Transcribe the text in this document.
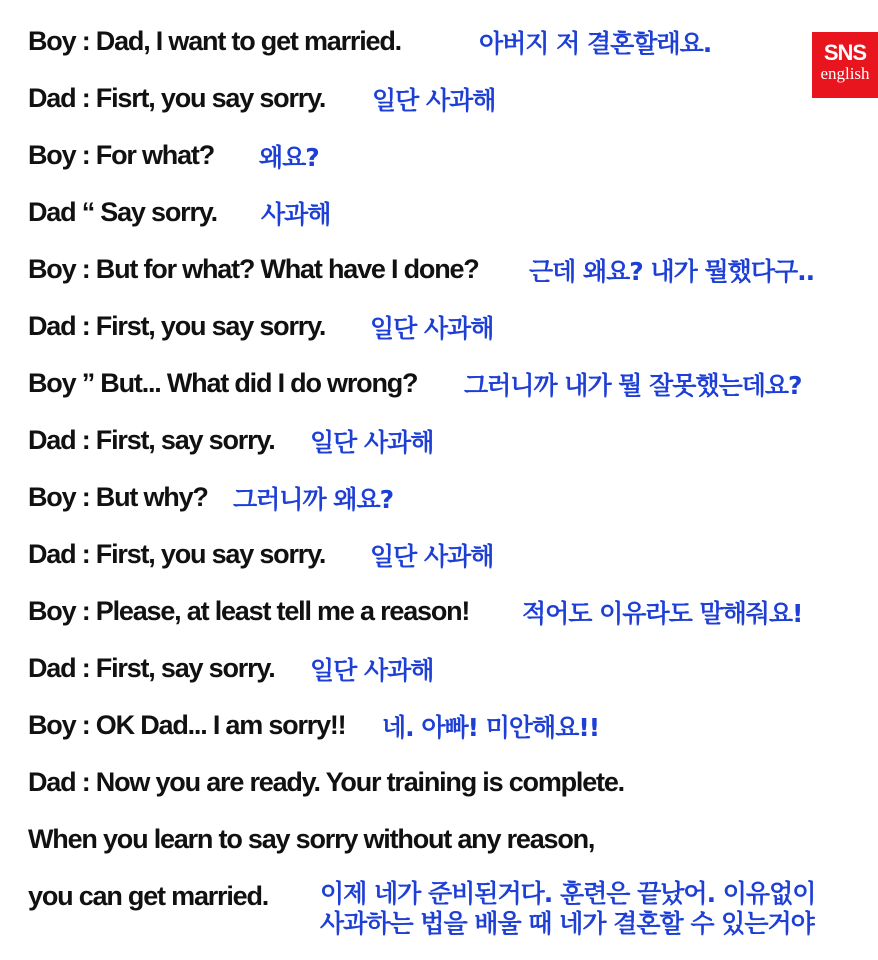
SNS
english
Boy : Dad, I want to get married.	아버지 저 결혼할래요.
Dad : Fisrt, you say sorry. 일단 사과해
Boy : For what? 왜요?
Dad “ Say sorry. 사과해
Boy : But for what? What have I done? 근데 왜요? 내가 뭘했다구..
Dad : First, you say sorry. 일단 사과해
Boy ” But... What did I do wrong? 그러니까 내가 뭘 잘못했는데요?
Dad : First, say sorry. 일단 사과해
Boy : But why? 그러니까 왜요?
Dad : First, you say sorry. 일단 사과해
Boy : Please, at least tell me a reason! 적어도 이유라도 말해줘요!
Dad : First, say sorry. 일단 사과해
Boy : OK Dad... I am sorry!! 네. 아빠! 미안해요!!
Dad : Now you are ready. Your training is complete.
When you learn to say sorry without any reason,
you can get married. 이제 네가 준비된거다. 훈련은 끝났어. 이유없이
사과하는 법을 배울 때 네가 결혼할 수 있는거야
